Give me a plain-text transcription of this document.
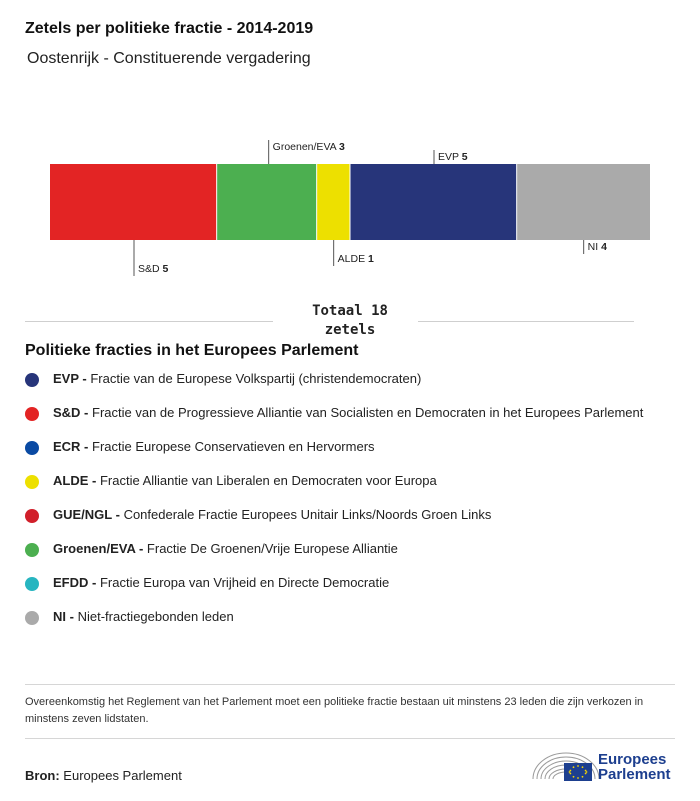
Zetels per politieke fractie - 2014-2019
Oostenrijk - Constituerende vergadering
S&D 5
Groenen/EVA 3
ALDE 1
EVP 5
NI 4
Totaal 18 zetels
Politieke fracties in het Europees Parlement
EVP - Fractie van de Europese Volkspartij (christendemocraten)
S&D - Fractie van de Progressieve Alliantie van Socialisten en Democraten in het Europees Parlement
ECR - Fractie Europese Conservatieven en Hervormers
ALDE - Fractie Alliantie van Liberalen en Democraten voor Europa
GUE/NGL - Confederale Fractie Europees Unitair Links/Noords Groen Links
Groenen/EVA - Fractie De Groenen/Vrije Europese Alliantie
EFDD - Fractie Europa van Vrijheid en Directe Democratie
NI - Niet-fractiegebonden leden
Overeenkomstig het Reglement van het Parlement moet een politieke fractie bestaan uit minstens 23 leden die zijn verkozen in minstens zeven lidstaten.
Bron: Europees Parlement
Europees
Parlement
